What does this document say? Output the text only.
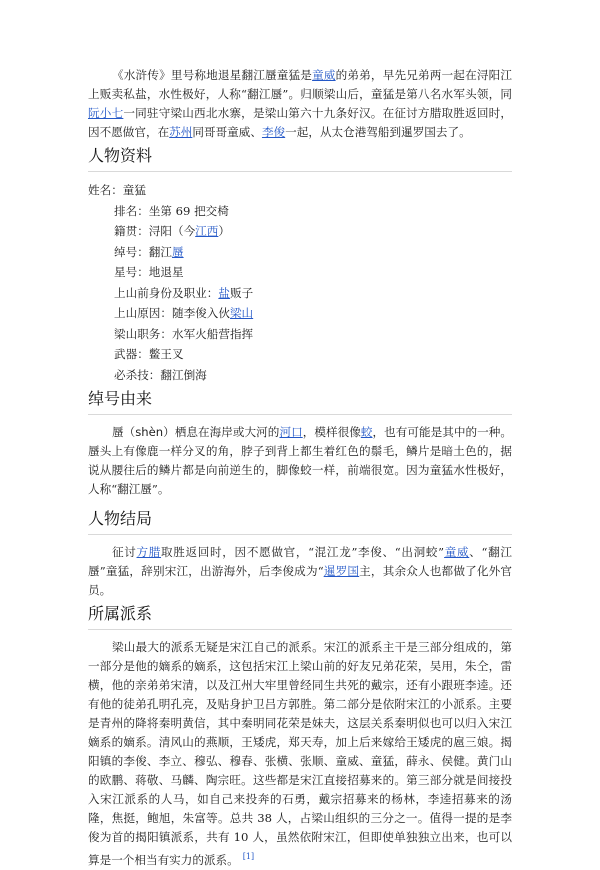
《水浒传》里号称地退星翻江蜃童猛是童威的弟弟，早先兄弟两一起在浔阳江上贩卖私盐，水性极好，人称“翻江蜃”。归顺梁山后，童猛是第八名水军头领，同阮小七一同驻守梁山西北水寨，是梁山第六十九条好汉。在征讨方腊取胜返回时，因不愿做官，在苏州同哥哥童威、李俊一起，从太仓港驾船到暹罗国去了。

人物资料
姓名：童猛
排名：坐第 69 把交椅
籍贯：浔阳（今江西）
绰号：翻江蜃
星号：地退星
上山前身份及职业：盐贩子
上山原因：随李俊入伙梁山
梁山职务：水军火船营指挥
武器：鳖王叉
必杀技：翻江倒海
绰号由来

蜃（shèn）栖息在海岸或大河的河口，模样很像蛟，也有可能是其中的一种。蜃头上有像鹿一样分叉的角，脖子到背上都生着红色的鬃毛，鳞片是暗土色的，据说从腰往后的鳞片都是向前逆生的，脚像蛟一样，前端很宽。因为童猛水性极好，人称“翻江蜃”。

人物结局

征讨方腊取胜返回时，因不愿做官，“混江龙”李俊、“出洞蛟”童威、“翻江蜃”童猛，辞别宋江，出游海外，后李俊成为“暹罗国主，其余众人也都做了化外官员。

所属派系

梁山最大的派系无疑是宋江自己的派系。宋江的派系主干是三部分组成的，第一部分是他的嫡系的嫡系，这包括宋江上梁山前的好友兄弟花荣，吴用，朱仝，雷横，他的亲弟弟宋清，以及江州大牢里曾经同生共死的戴宗，还有小跟班李逵。还有他的徒弟孔明孔亮，及贴身护卫吕方郭胜。第二部分是依附宋江的小派系。主要是青州的降将秦明黄信，其中秦明同花荣是妹夫，这层关系秦明似也可以归入宋江嫡系的嫡系。清风山的燕顺，王矮虎，郑天寿，加上后来嫁给王矮虎的扈三娘。揭阳镇的李俊、李立、穆弘、穆春、张横、张顺、童威、童猛，薛永、侯健。黄门山的欧鹏、蒋敬、马麟、陶宗旺。这些都是宋江直接招募来的。第三部分就是间接投入宋江派系的人马，如自己来投奔的石勇，戴宗招募来的杨林，李逵招募来的汤隆，焦挺，鲍旭，朱富等。总共 38 人，占梁山组织的三分之一。值得一提的是李俊为首的揭阳镇派系，共有 10 人，虽然依附宋江，但即使单独独立出来，也可以算是一个相当有实力的派系。 [1]
